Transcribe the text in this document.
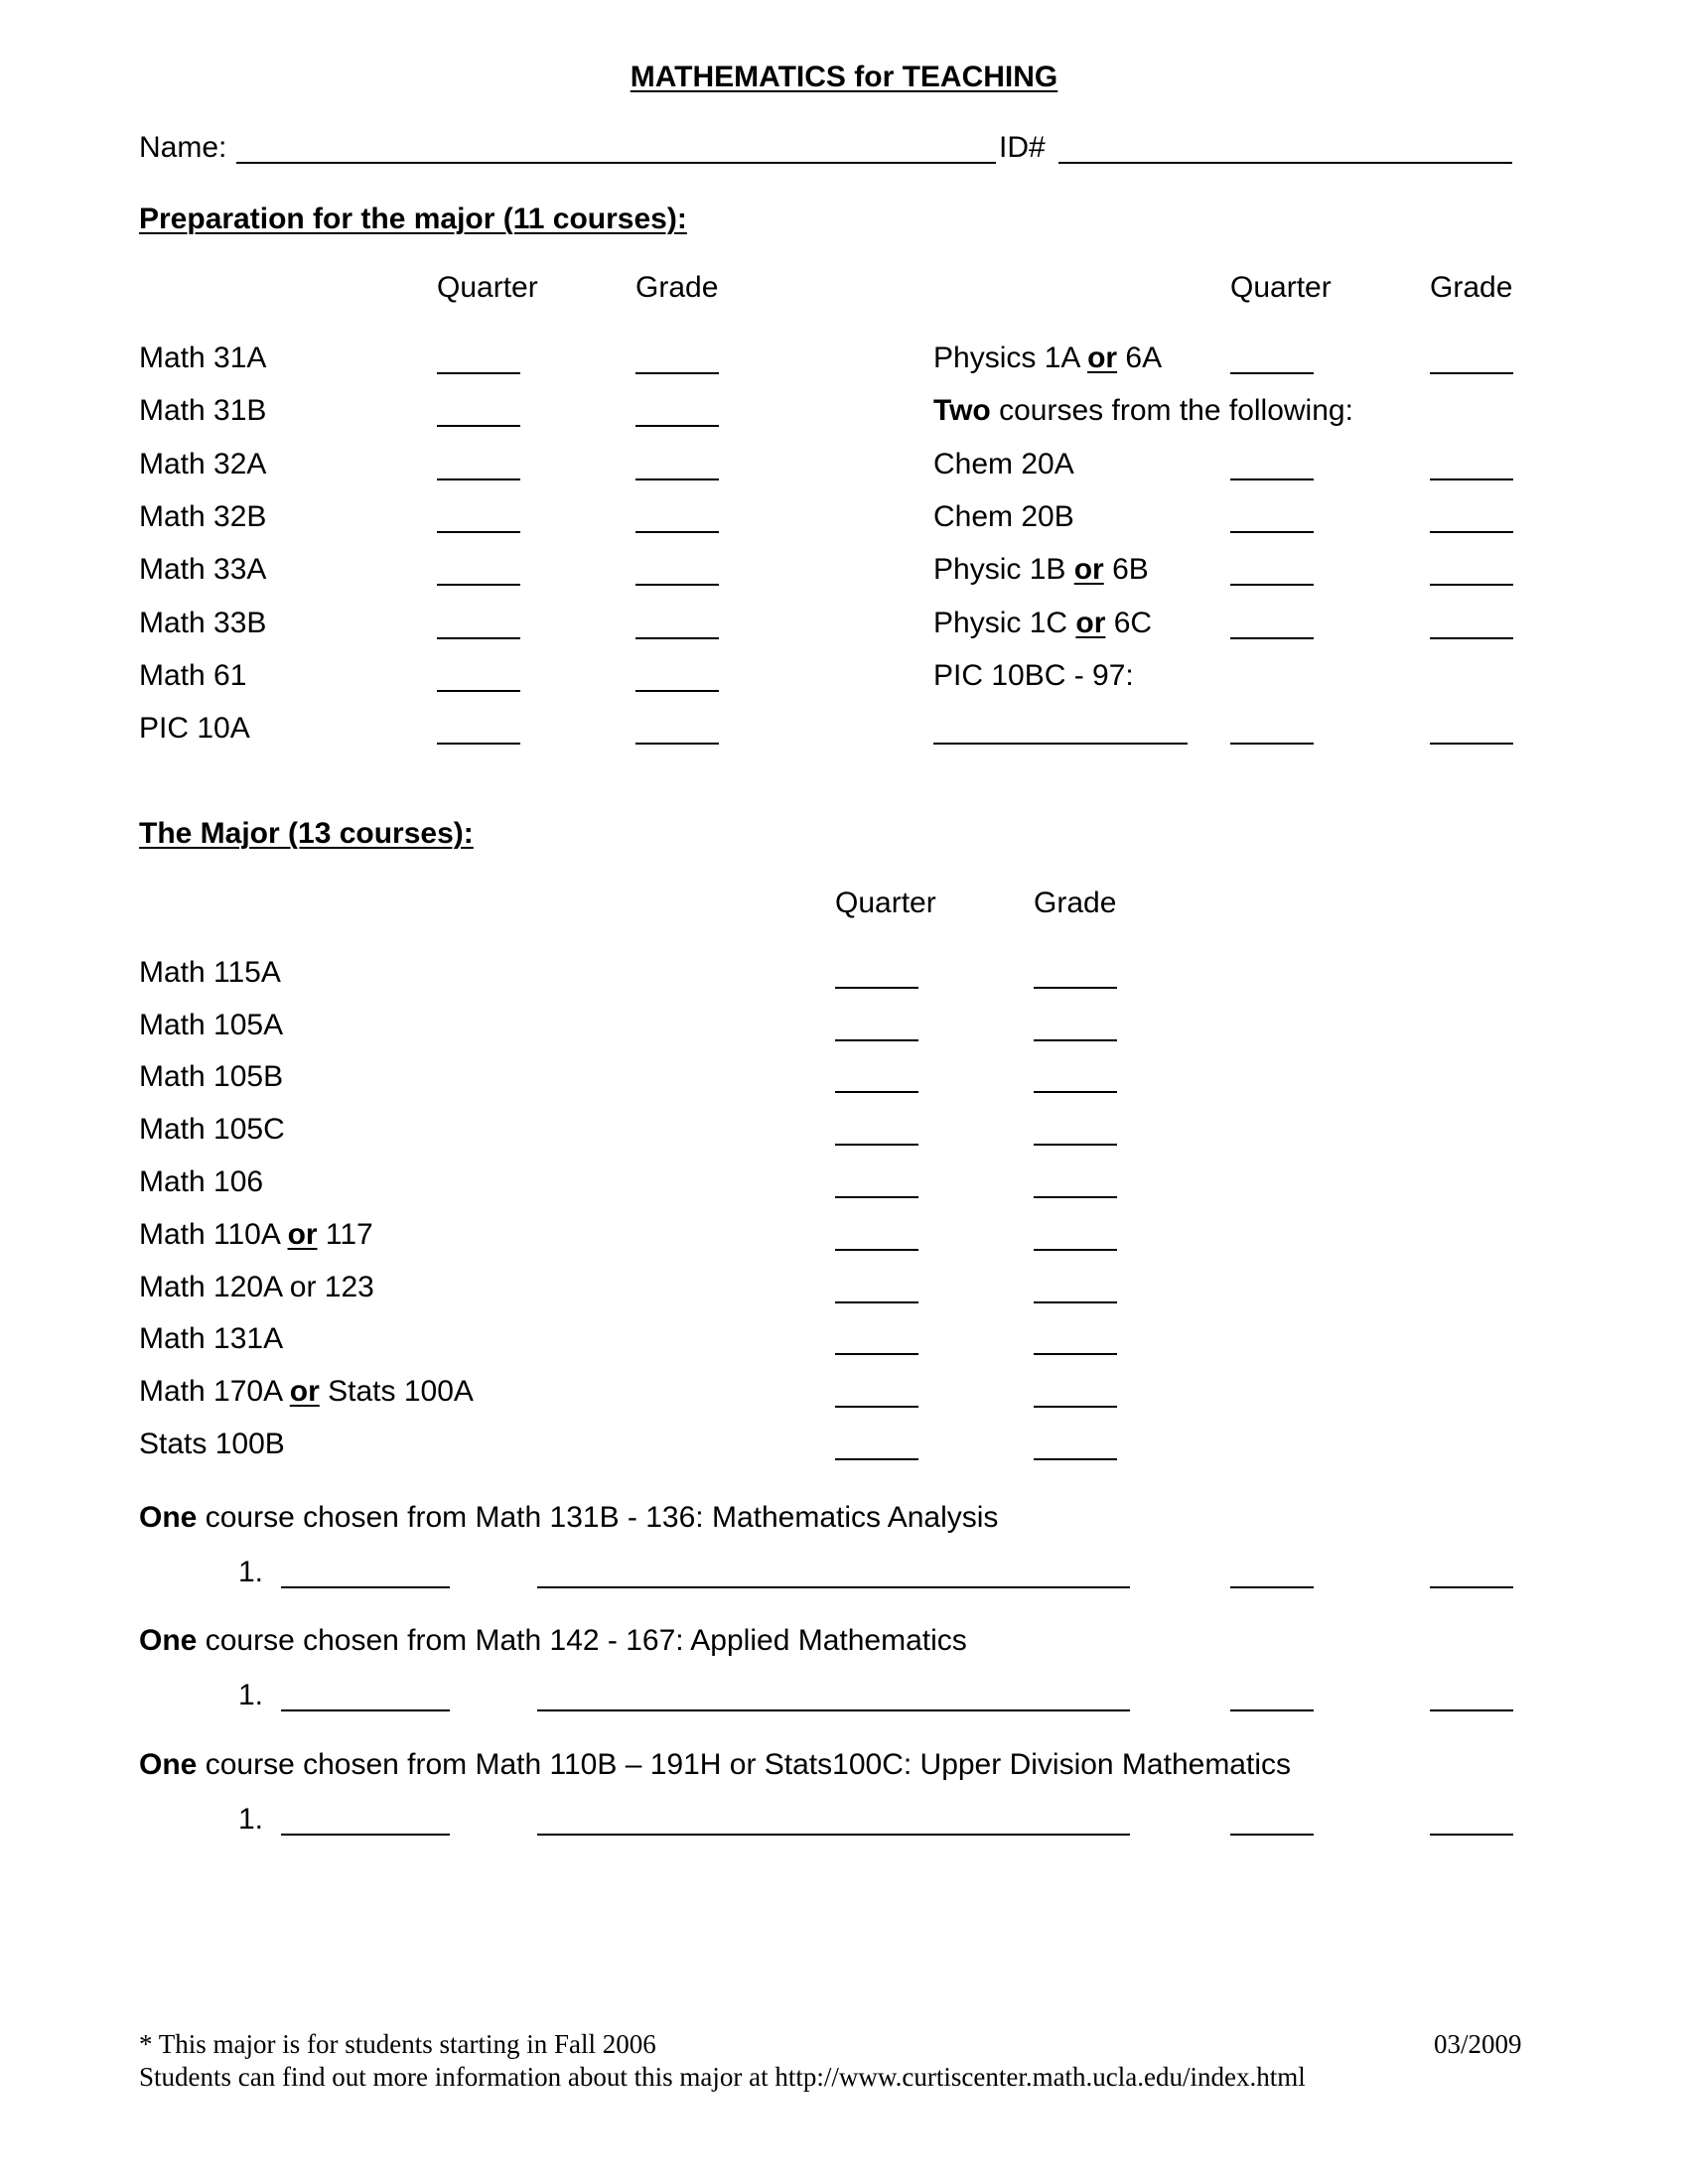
MATHEMATICS for TEACHING
Name:	ID#
Preparation for the major (11 courses):
Quarter	Grade	Quarter	Grade
Math 31A
Math 31B
Math 32A
Math 32B
Math 33A
Math 33B
Math 61
PIC 10A
Physics 1A or 6A
Two courses from the following:
Chem 20A
Chem 20B
Physic 1B or 6B
Physic 1C or 6C
PIC 10BC - 97:
The Major (13 courses):
Quarter	Grade
Math 115A
Math 105A
Math 105B
Math 105C
Math 106
Math 110A or 117
Math 120A or 123
Math 131A
Math 170A or Stats 100A
Stats 100B
One course chosen from Math 131B - 136: Mathematics Analysis
1.
One course chosen from Math 142 - 167: Applied Mathematics
1.
One course chosen from Math 110B – 191H or Stats100C: Upper Division Mathematics
1.
* This major is for students starting in Fall 2006	03/2009
Students can find out more information about this major at http://www.curtiscenter.math.ucla.edu/index.html
